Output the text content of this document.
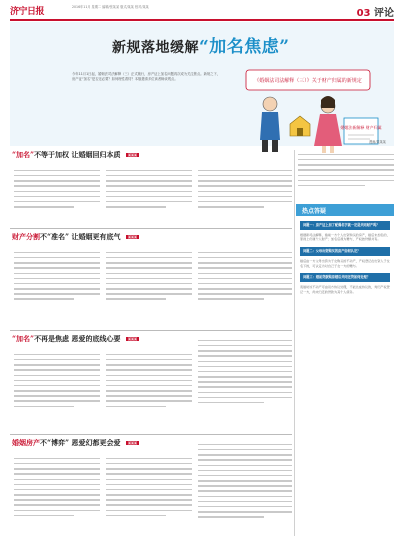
济宁日报	2016年11月 星期二 编辑/张某某 版式/某某 校对/某某
03 评论
新规落地缓解“加名焦虑”
今年11月1日起，婚姻法司法解释（三）正式施行，房产证上加名问题再次成为关注焦点。新规之下，房产证“加名”是否还必要？如何理性看待？本版邀请多位读者畅谈观点。	《婚姻法司法解释（三）》关于财产归属的新规定
婚姻法新解释 财产归属
漫画/某某某
“加名”不等于加权 让婚姻回归本质 某某某
财产分割不“准名” 让婚姻更有底气 某某某
“加名”不再是焦虑 恩爱的底线心要 某某某
婚姻房产不“博弈” 恩爱幻都更会爱 某某某
热点答疑
问题一：房产证上加了配偶名字就一定是共同财产吗？
根据新司法解释，婚前一方个人出资购买的房产，婚后未加名的，原则上仍属个人财产；加名后视为赠与，产权按份额共有。
问题二：父母出资购买的房产如何认定？
婚后由一方父母出资为子女购买的不动产，产权登记在出资人子女名下的，可认定为对自己子女一方的赠与。
问题三：婚前贷款购房婚后共同还贷如何处理？
离婚时该不动产可由双方协议处理，不能达成协议的，判归产权登记一方，尚未归还的贷款为其个人债务。
